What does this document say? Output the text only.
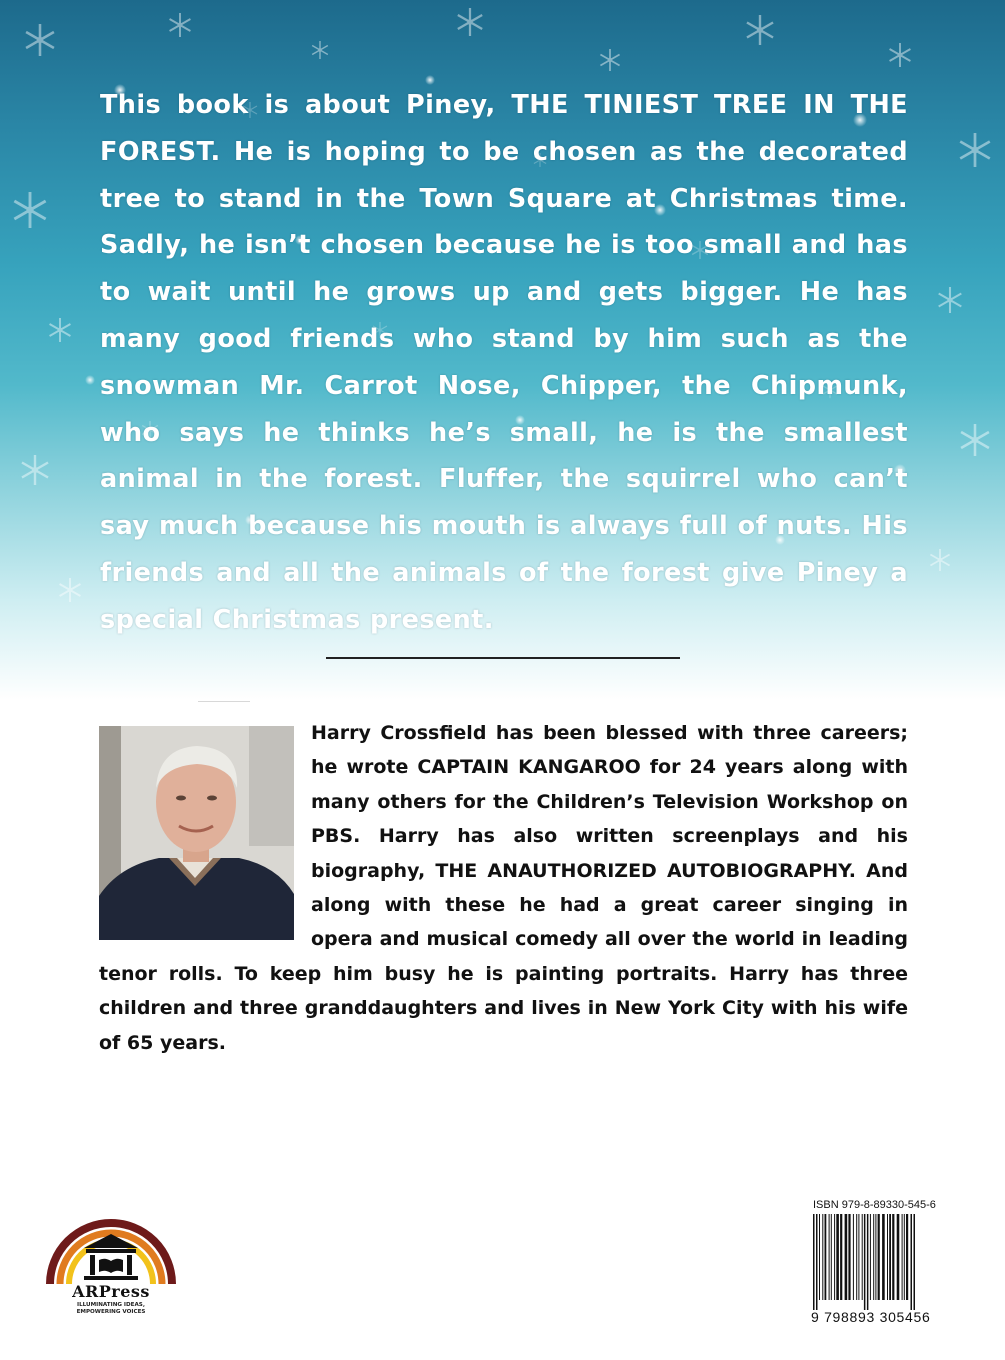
This book is about Piney, THE TINIEST TREE IN THE FOREST. He is hoping to be chosen as the decorated tree to stand in the Town Square at Christmas time. Sadly, he isn’t chosen because he is too small and has to wait until he grows up and gets bigger. He has many good friends who stand by him such as the snowman Mr. Carrot Nose, Chipper, the Chipmunk, who says he thinks he’s small, he is the smallest animal in the forest. Fluffer, the squirrel who can’t say much because his mouth is always full of nuts. His friends and all the animals of the forest give Piney a special Christmas present.

Harry Crossfield has been blessed with three careers; he wrote CAPTAIN KANGAROO for 24 years along with many others for the Children’s Television Workshop on PBS. Harry has also written screenplays and his biography, THE ANAUTHORIZED AUTOBIOGRAPHY. And along with these he had a great career singing in opera and musical comedy all over the world in leading tenor rolls. To keep him busy he is painting portraits. Harry has three children and three granddaughters and lives in New York City with his wife of 65 years.

ARPress
ILLUMINATING IDEAS,
EMPOWERING VOICES
ISBN 979-8-89330-545-6
9 798893 305456
